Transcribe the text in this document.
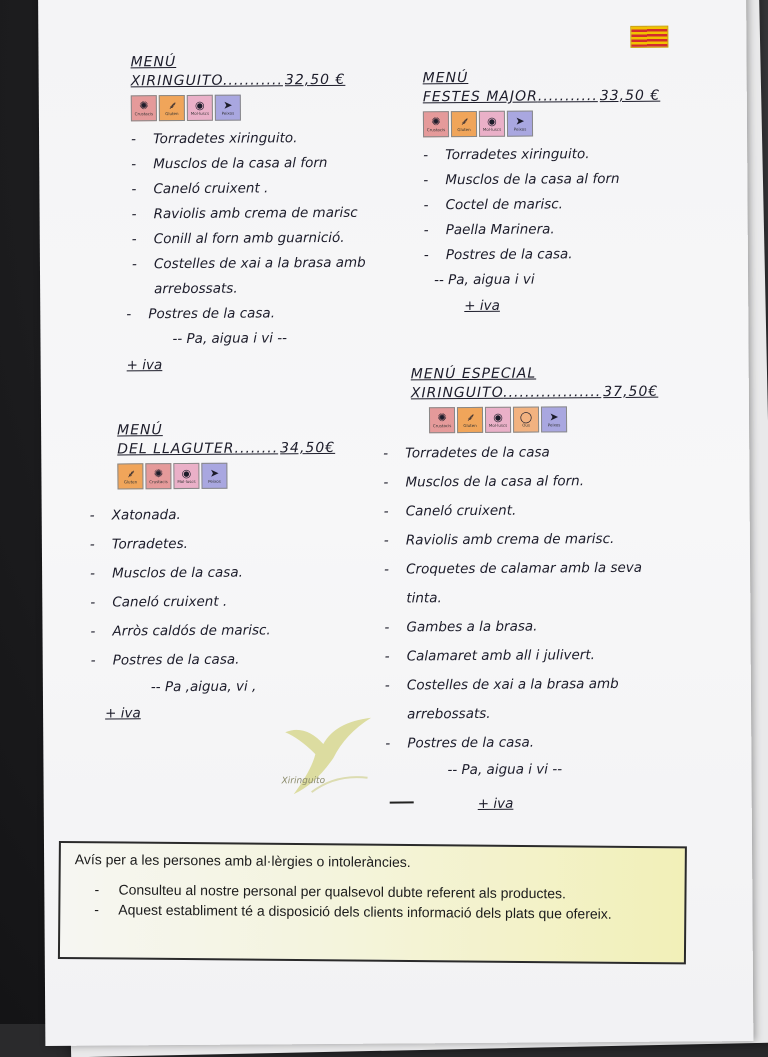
MENÚ
XIRINGUITO........... 32,50 €
✺
Crustacis
⸙
Gluten
◉
Mol·luscs
➤
Peixos
- Torradetes xiringuito.
- Musclos de la casa al forn
- Caneló cruixent .
- Raviolis amb crema de marisc
- Conill al forn amb guarnició.
- Costelles de xai a la brasa amb
arrebossats.
- Postres de la casa.
-- Pa, aigua i vi --
+ iva
MENÚ
FESTES MAJOR........... 33,50 €
✺
Crustacis
⸙
Gluten
◉
Mol·luscs
➤
Peixos
- Torradetes xiringuito.
- Musclos de la casa al forn
- Coctel de marisc.
- Paella Marinera.
- Postres de la casa.
-- Pa, aigua i vi
+ iva
MENÚ
DEL LLAGUTER........ 34,50€
⸙
Gluten
✺
Crustacis
◉
Mol·luscs
➤
Peixos
- Xatonada.
- Torradetes.
- Musclos de la casa.
- Caneló cruixent .
- Arròs caldós de marisc.
- Postres de la casa.
-- Pa ,aigua, vi ,
+ iva
MENÚ ESPECIAL
XIRINGUITO.................. 37,50€
✺
Crustacis
⸙
Gluten
◉
Mol·luscs
◯
Ous
➤
Peixos
- Torradetes de la casa
- Musclos de la casa al forn.
- Caneló cruixent.
- Raviolis amb crema de marisc.
- Croquetes de calamar amb la seva
tinta.
- Gambes a la brasa.
- Calamaret amb all i julivert.
- Costelles de xai a la brasa amb
arrebossats.
- Postres de la casa.
-- Pa, aigua i vi --
+ iva
Xiringuito
Avís per a les persones amb al·lèrgies o intoleràncies.
- Consulteu al nostre personal per qualsevol dubte referent als productes.
- Aquest establiment té a disposició dels clients informació dels plats que ofereix.
